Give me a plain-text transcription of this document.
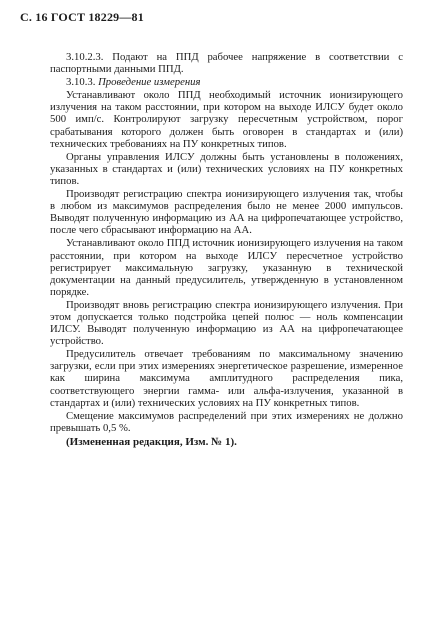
С. 16 ГОСТ 18229—81

3.10.2.3. Подают на ППД рабочее напряжение в соответствии с паспортными данными ППД.

3.10.3. Проведение измерения

Устанавливают около ППД необходимый источник ионизирующего излучения на таком расстоянии, при котором на выходе ИЛСУ будет около 500 имп/с. Контролируют загрузку пересчетным устройством, порог срабатывания которого должен быть оговорен в стандартах и (или) технических требованиях на ПУ конкретных типов.

Органы управления ИЛСУ должны быть установлены в положениях, указанных в стандартах и (или) технических условиях на ПУ конкретных типов.

Производят регистрацию спектра ионизирующего излучения так, чтобы в любом из максимумов распределения было не менее 2000 импульсов. Выводят полученную информацию из АА на цифропечатающее устройство, после чего сбрасывают информацию на АА.

Устанавливают около ППД источник ионизирующего излучения на таком расстоянии, при котором на выходе ИЛСУ пересчетное устройство регистрирует максимальную загрузку, указанную в технической документации на данный предусилитель, утвержденную в установленном порядке.

Производят вновь регистрацию спектра ионизирующего излучения. При этом допускается только подстройка цепей полюс — ноль компенсации ИЛСУ. Выводят полученную информацию из АА на цифропечатающее устройство.

Предусилитель отвечает требованиям по максимальному значению загрузки, если при этих измерениях энергетическое разрешение, измеренное как ширина максимума амплитудного распределения пика, соответствующего энергии гамма- или альфа-излучения, указанной в стандартах и (или) технических условиях на ПУ конкретных типов.

Смещение максимумов распределений при этих измерениях не должно превышать 0,5 %.

(Измененная редакция, Изм. № 1).
